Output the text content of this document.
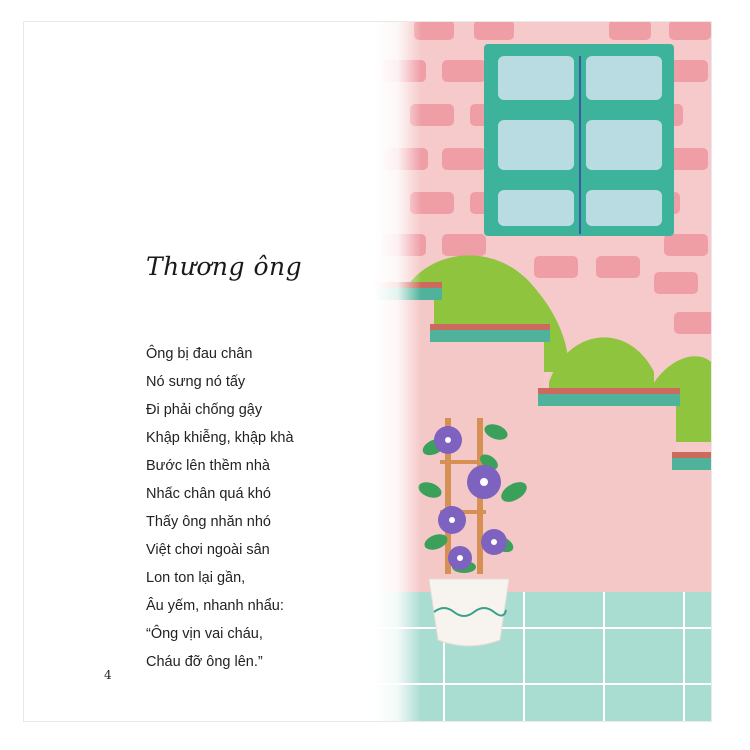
Thương ông
Ông bị đau chân
Nó sưng nó tấy
Đi phải chống gậy
Khập khiễng, khập khà
Bước lên thềm nhà
Nhấc chân quá khó
Thấy ông nhăn nhó
Việt chơi ngoài sân
Lon ton lại gần,
Âu yếm, nhanh nhẩu:
“Ông vịn vai cháu,
Cháu đỡ ông lên.”
4
